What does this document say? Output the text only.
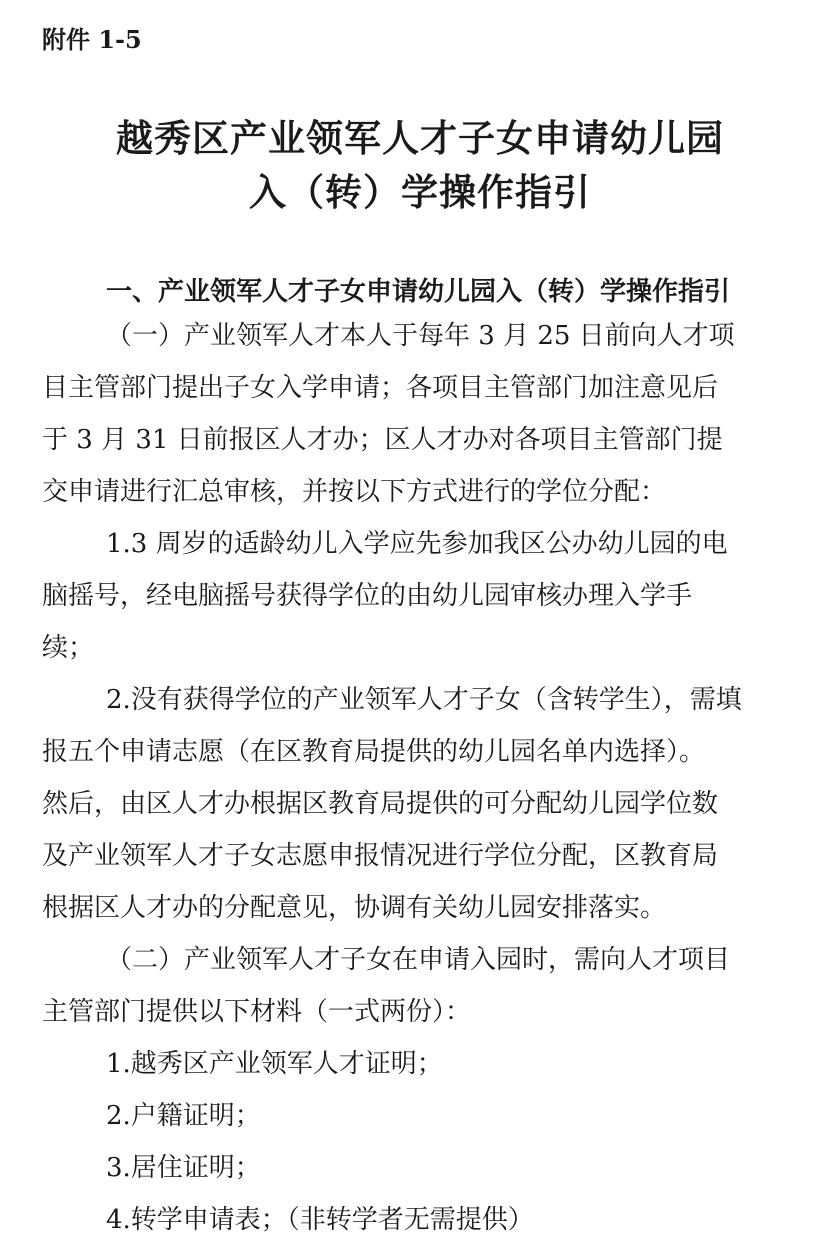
附件 1-5
越秀区产业领军人才子女申请幼儿园
入（转）学操作指引
一、产业领军人才子女申请幼儿园入（转）学操作指引
（一）产业领军人才本人于每年 3 月 25 日前向人才项
目主管部门提出子女入学申请；各项目主管部门加注意见后
于 3 月 31 日前报区人才办；区人才办对各项目主管部门提
交申请进行汇总审核，并按以下方式进行的学位分配：
1.3 周岁的适龄幼儿入学应先参加我区公办幼儿园的电
脑摇号，经电脑摇号获得学位的由幼儿园审核办理入学手
续；
2.没有获得学位的产业领军人才子女（含转学生），需填
报五个申请志愿（在区教育局提供的幼儿园名单内选择）。
然后，由区人才办根据区教育局提供的可分配幼儿园学位数
及产业领军人才子女志愿申报情况进行学位分配，区教育局
根据区人才办的分配意见，协调有关幼儿园安排落实。
（二）产业领军人才子女在申请入园时，需向人才项目
主管部门提供以下材料（一式两份）：
1.越秀区产业领军人才证明；
2.户籍证明；
3.居住证明；
4.转学申请表；（非转学者无需提供）
